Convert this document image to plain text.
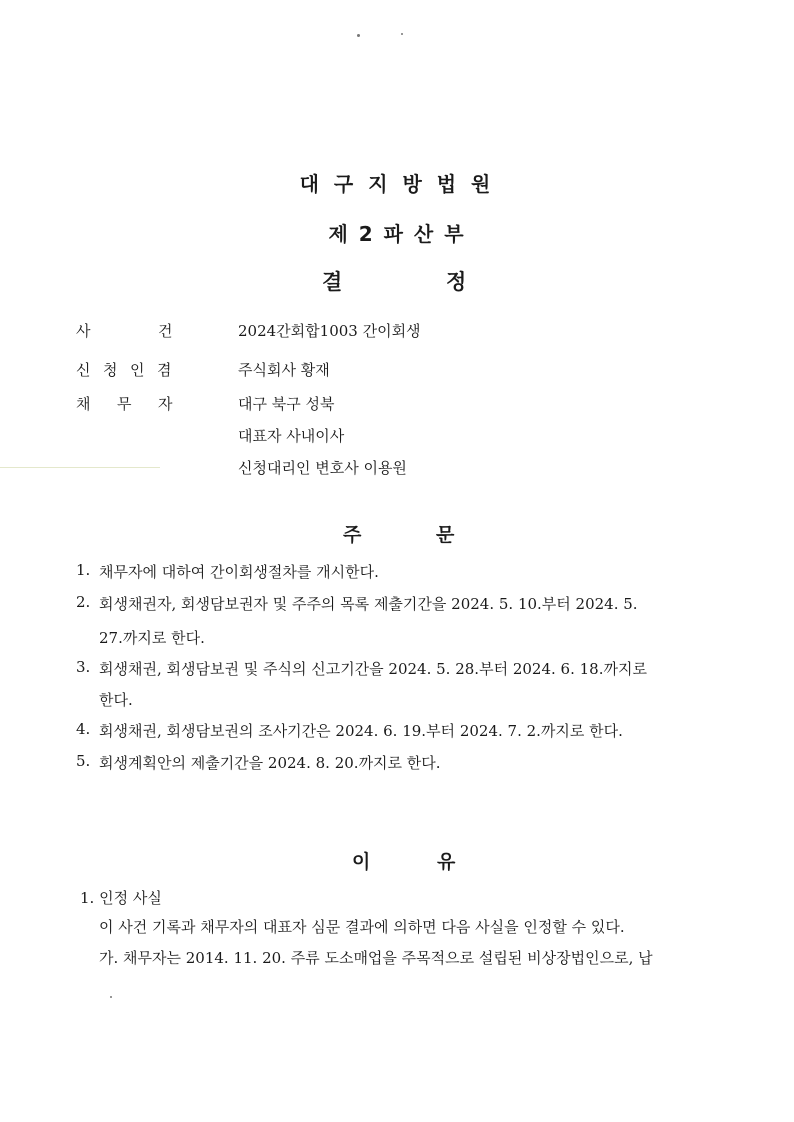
대 구 지 방 법 원
제 2 파 산 부
결	정
사	건	2024간회합1003 간이회생
신 청 인 겸	주식회사 황재
채 무 자	대구 북구 성북
대표자 사내이사
신청대리인 변호사 이용원
주	문
1. 채무자에 대하여 간이회생절차를 개시한다.
2. 회생채권자, 회생담보권자 및 주주의 목록 제출기간을 2024. 5. 10.부터 2024. 5.
27.까지로 한다.
3. 회생채권, 회생담보권 및 주식의 신고기간을 2024. 5. 28.부터 2024. 6. 18.까지로
한다.
4. 회생채권, 회생담보권의 조사기간은 2024. 6. 19.부터 2024. 7. 2.까지로 한다.
5. 회생계획안의 제출기간을 2024. 8. 20.까지로 한다.
이	유
1. 인정 사실
이 사건 기록과 채무자의 대표자 심문 결과에 의하면 다음 사실을 인정할 수 있다.
가. 채무자는 2014. 11. 20. 주류 도소매업을 주목적으로 설립된 비상장법인으로, 납
